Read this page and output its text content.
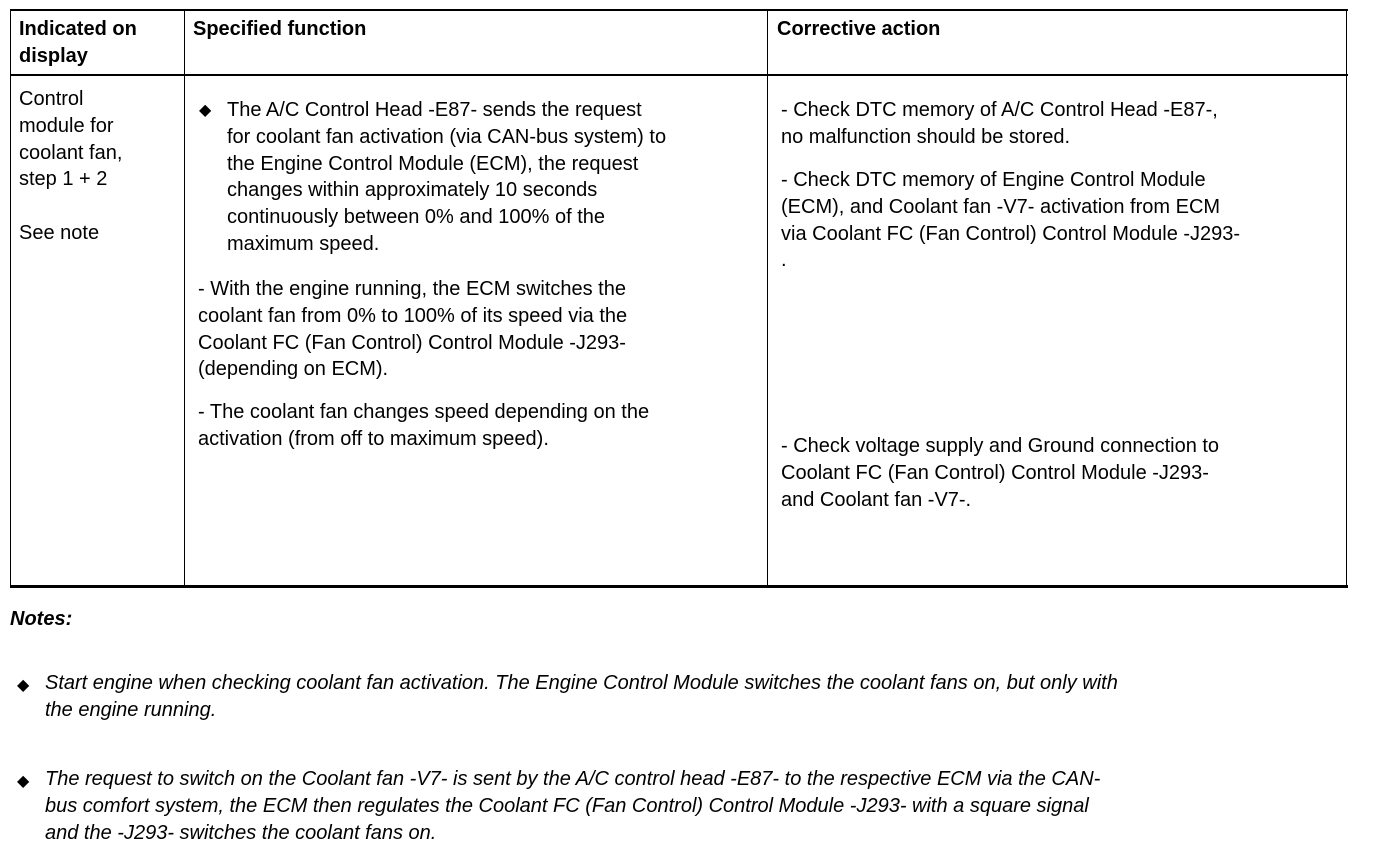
Indicated on
display
Specified function	Corrective action
Control
module for
coolant fan,
step 1 + 2
See note
◆ The A/C Control Head -E87- sends the request
for coolant fan activation (via CAN-bus system) to
the Engine Control Module (ECM), the request
changes within approximately 10 seconds
continuously between 0% and 100% of the
maximum speed.
- With the engine running, the ECM switches the
coolant fan from 0% to 100% of its speed via the
Coolant FC (Fan Control) Control Module -J293-
(depending on ECM).
- The coolant fan changes speed depending on the
activation (from off to maximum speed).
- Check DTC memory of A/C Control Head -E87-,
no malfunction should be stored.
- Check DTC memory of Engine Control Module
(ECM), and Coolant fan -V7- activation from ECM
via Coolant FC (Fan Control) Control Module -J293-
.
- Check voltage supply and Ground connection to
Coolant FC (Fan Control) Control Module -J293-
and Coolant fan -V7-.
Notes:
◆ Start engine when checking coolant fan activation. The Engine Control Module switches the coolant fans on, but only with
the engine running.
◆ The request to switch on the Coolant fan -V7- is sent by the A/C control head -E87- to the respective ECM via the CAN-
bus comfort system, the ECM then regulates the Coolant FC (Fan Control) Control Module -J293- with a square signal
and the -J293- switches the coolant fans on.
